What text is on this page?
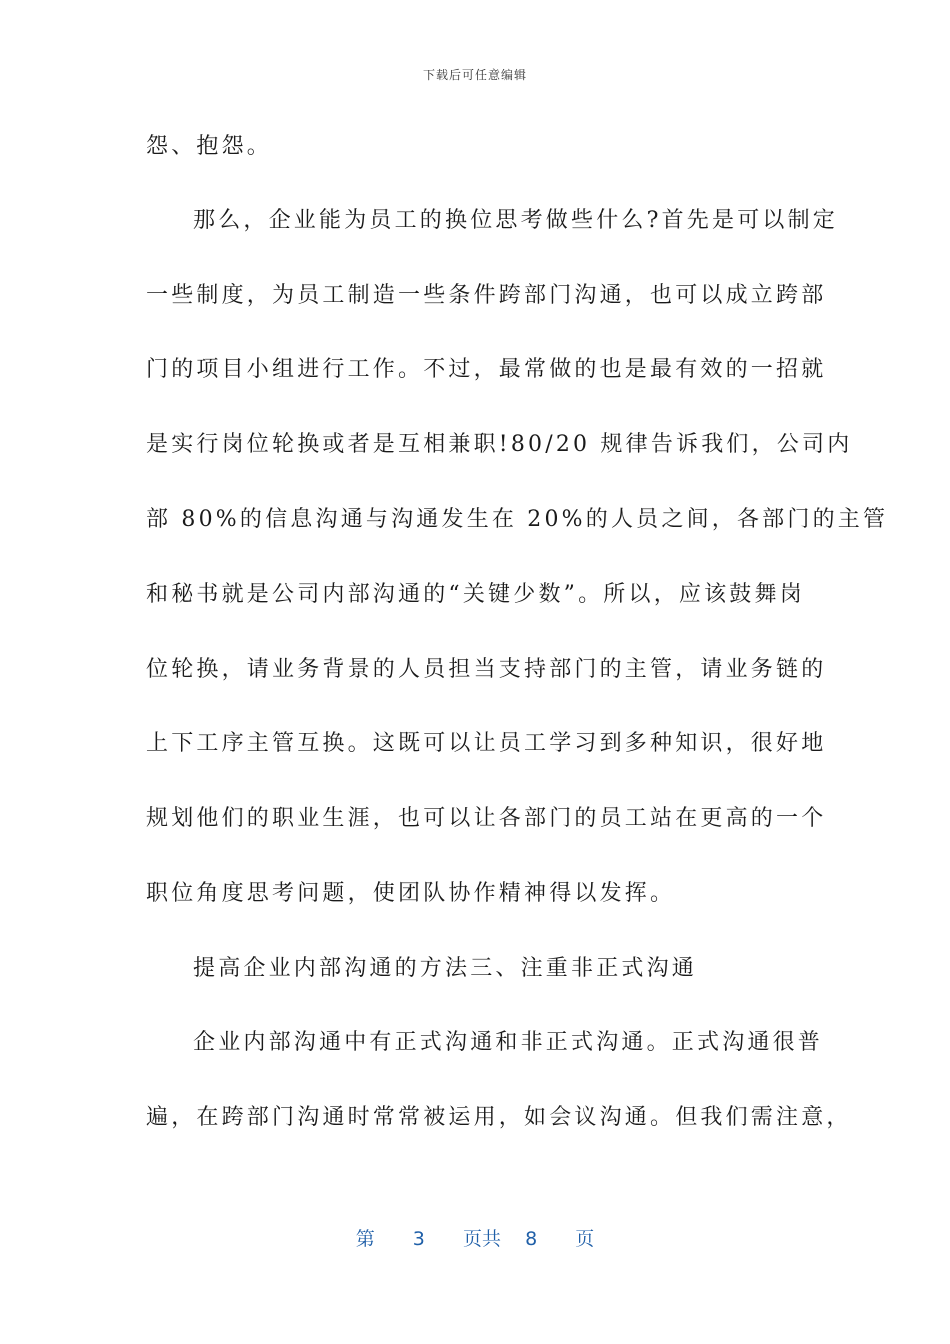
下载后可任意编辑
怨、抱怨。
那么，企业能为员工的换位思考做些什么?首先是可以制定
一些制度，为员工制造一些条件跨部门沟通，也可以成立跨部
门的项目小组进行工作。不过，最常做的也是最有效的一招就
是实行岗位轮换或者是互相兼职!80/20 规律告诉我们，公司内
部 80%的信息沟通与沟通发生在 20%的人员之间，各部门的主管
和秘书就是公司内部沟通的“关键少数”。所以，应该鼓舞岗
位轮换，请业务背景的人员担当支持部门的主管，请业务链的
上下工序主管互换。这既可以让员工学习到多种知识，很好地
规划他们的职业生涯，也可以让各部门的员工站在更高的一个
职位角度思考问题，使团队协作精神得以发挥。
提高企业内部沟通的方法三、注重非正式沟通
企业内部沟通中有正式沟通和非正式沟通。正式沟通很普
遍，在跨部门沟通时常常被运用，如会议沟通。但我们需注意，
第 3 页共 8 页
